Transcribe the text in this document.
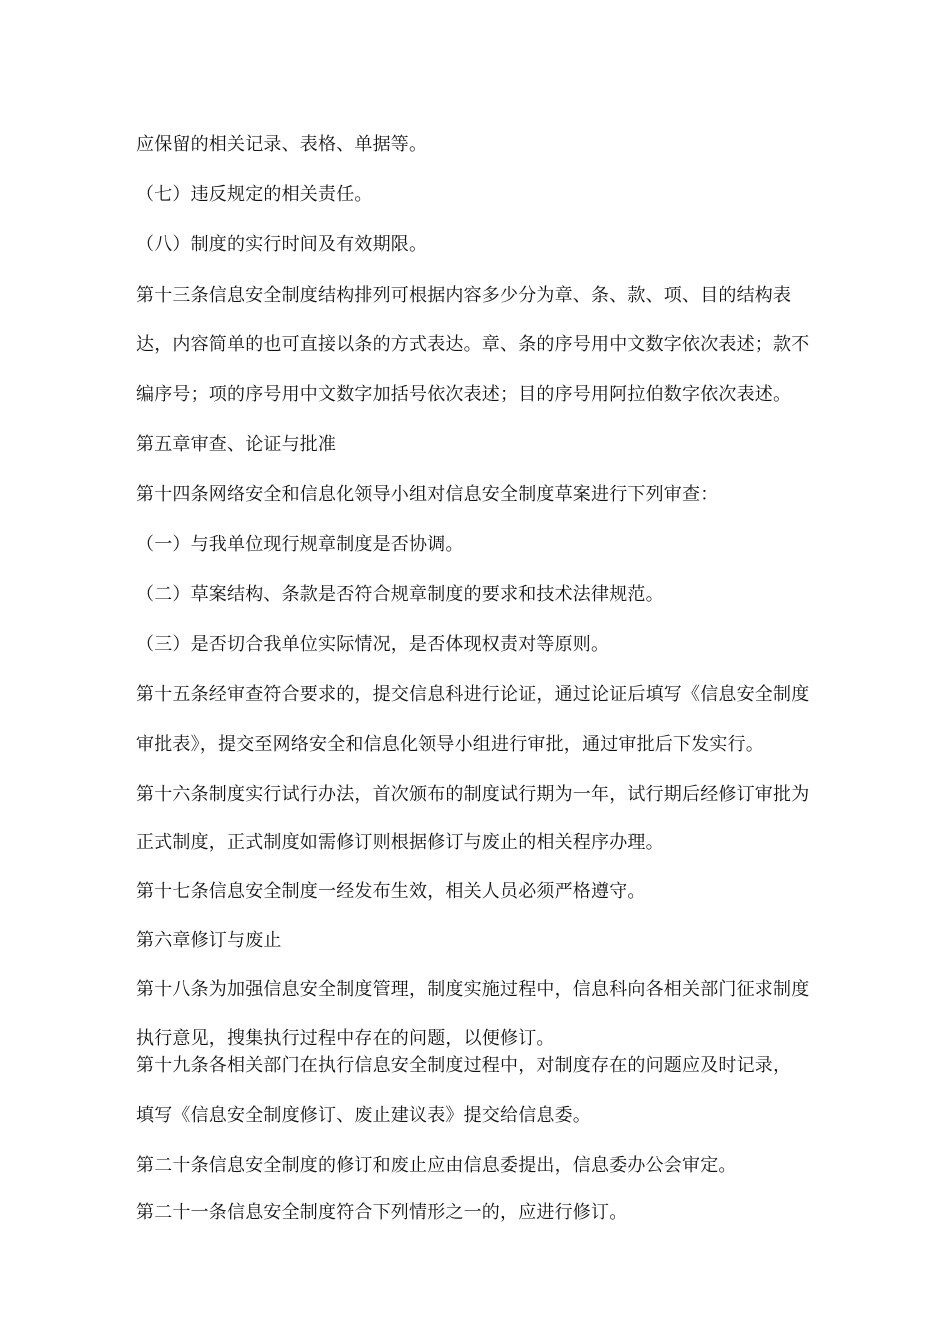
应保留的相关记录、表格、单据等。
（七）违反规定的相关责任。
（八）制度的实行时间及有效期限。
第十三条信息安全制度结构排列可根据内容多少分为章、条、款、项、目的结构表
达，内容简单的也可直接以条的方式表达。章、条的序号用中文数字依次表述；款不
编序号；项的序号用中文数字加括号依次表述；目的序号用阿拉伯数字依次表述。
第五章审查、论证与批准
第十四条网络安全和信息化领导小组对信息安全制度草案进行下列审查：
（一）与我单位现行规章制度是否协调。
（二）草案结构、条款是否符合规章制度的要求和技术法律规范。
（三）是否切合我单位实际情况，是否体现权责对等原则。
第十五条经审查符合要求的，提交信息科进行论证，通过论证后填写《信息安全制度
审批表》，提交至网络安全和信息化领导小组进行审批，通过审批后下发实行。
第十六条制度实行试行办法，首次颁布的制度试行期为一年，试行期后经修订审批为
正式制度，正式制度如需修订则根据修订与废止的相关程序办理。
第十七条信息安全制度一经发布生效，相关人员必须严格遵守。
第六章修订与废止
第十八条为加强信息安全制度管理，制度实施过程中，信息科向各相关部门征求制度
执行意见，搜集执行过程中存在的问题，以便修订。
第十九条各相关部门在执行信息安全制度过程中，对制度存在的问题应及时记录，
填写《信息安全制度修订、废止建议表》提交给信息委。
第二十条信息安全制度的修订和废止应由信息委提出，信息委办公会审定。
第二十一条信息安全制度符合下列情形之一的，应进行修订。
